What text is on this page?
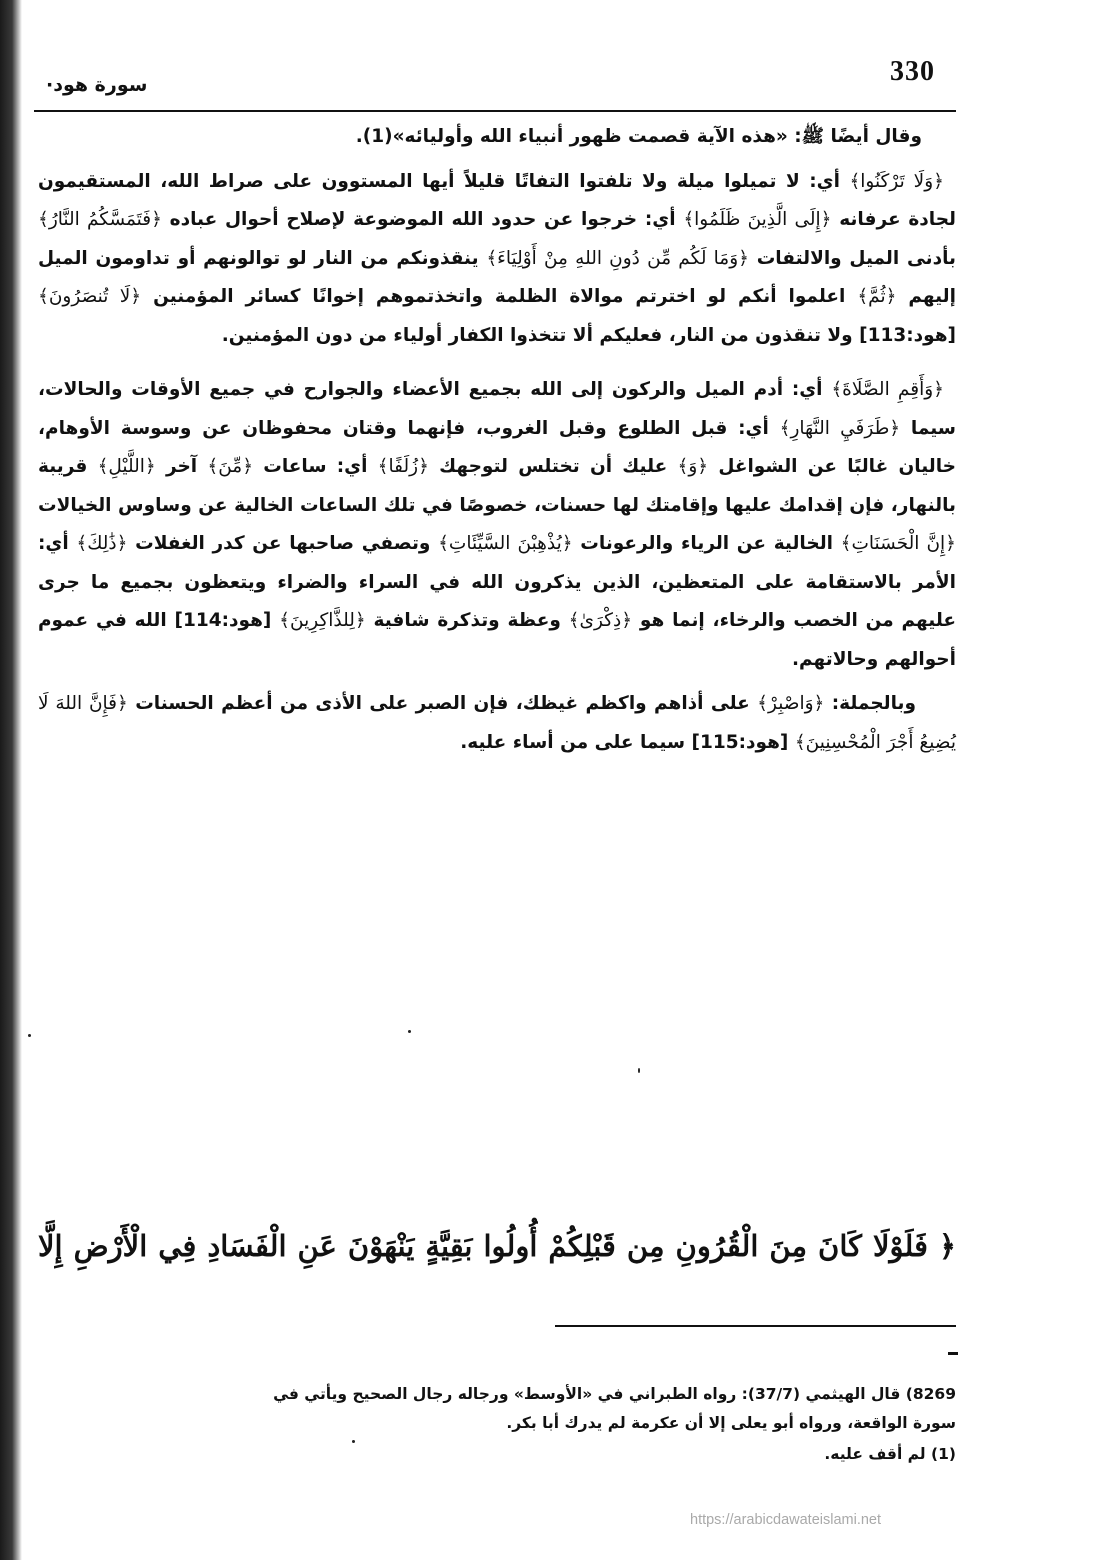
330
سورة هود·

وقال أيضًا ﷺ: «هذه الآية قصمت ظهور أنبياء الله وأوليائه»(1).

﴿وَلَا تَرْكَنُوا﴾ أي: لا تميلوا ميلة ولا تلفتوا التفاتًا قليلاً أيها المستوون على صراط الله، المستقيمون لجادة عرفانه ﴿إِلَى الَّذِينَ ظَلَمُوا﴾ أي: خرجوا عن حدود الله الموضوعة لإصلاح أحوال عباده ﴿فَتَمَسَّكُمُ النَّارُ﴾ بأدنى الميل والالتفات ﴿وَمَا لَكُم مِّن دُونِ اللهِ مِنْ أَوْلِيَاءَ﴾ ينقذونكم من النار لو توالونهم أو تداومون الميل إليهم ﴿ثُمَّ﴾ اعلموا أنكم لو اخترتم موالاة الظلمة واتخذتموهم إخوانًا كسائر المؤمنين ﴿لَا تُنصَرُونَ﴾ [هود:113] ولا تنقذون من النار، فعليكم ألا تتخذوا الكفار أولياء من دون المؤمنين.

﴿وَأَقِمِ الصَّلَاةَ﴾ أي: أدم الميل والركون إلى الله بجميع الأعضاء والجوارح في جميع الأوقات والحالات، سيما ﴿طَرَفَيِ النَّهَارِ﴾ أي: قبل الطلوع وقبل الغروب، فإنهما وقتان محفوظان عن وسوسة الأوهام، خاليان غالبًا عن الشواغل ﴿وَ﴾ عليك أن تختلس لتوجهك ﴿زُلَفًا﴾ أي: ساعات ﴿مِّنَ﴾ آخر ﴿اللَّيْلِ﴾ قريبة بالنهار، فإن إقدامك عليها وإقامتك لها حسنات، خصوصًا في تلك الساعات الخالية عن وساوس الخيالات ﴿إِنَّ الْحَسَنَاتِ﴾ الخالية عن الرياء والرعونات ﴿يُذْهِبْنَ السَّيِّئَاتِ﴾ وتصفي صاحبها عن كدر الغفلات ﴿ذَٰلِكَ﴾ أي: الأمر بالاستقامة على المتعظين، الذين يذكرون الله في السراء والضراء ويتعظون بجميع ما جرى عليهم من الخصب والرخاء، إنما هو ﴿ذِكْرَىٰ﴾ وعظة وتذكرة شافية ﴿لِلذَّاكِرِينَ﴾ [هود:114] الله في عموم أحوالهم وحالاتهم.

وبالجملة: ﴿وَاصْبِرْ﴾ على أذاهم واكظم غيظك، فإن الصبر على الأذى من أعظم الحسنات ﴿فَإِنَّ اللهَ لَا يُضِيعُ أَجْرَ الْمُحْسِنِينَ﴾ [هود:115] سيما على من أساء عليه.

﴿ فَلَوْلَا كَانَ مِنَ الْقُرُونِ مِن قَبْلِكُمْ أُولُوا بَقِيَّةٍ يَنْهَوْنَ عَنِ الْفَسَادِ فِي الْأَرْضِ إِلَّا

8269) قال الهيثمي (37/7): رواه الطبراني في «الأوسط» ورجاله رجال الصحيح ويأتي في

سورة الواقعة، ورواه أبو يعلى إلا أن عكرمة لم يدرك أبا بكر.

(1) لم أقف عليه.

https://arabicdawateislami.net
